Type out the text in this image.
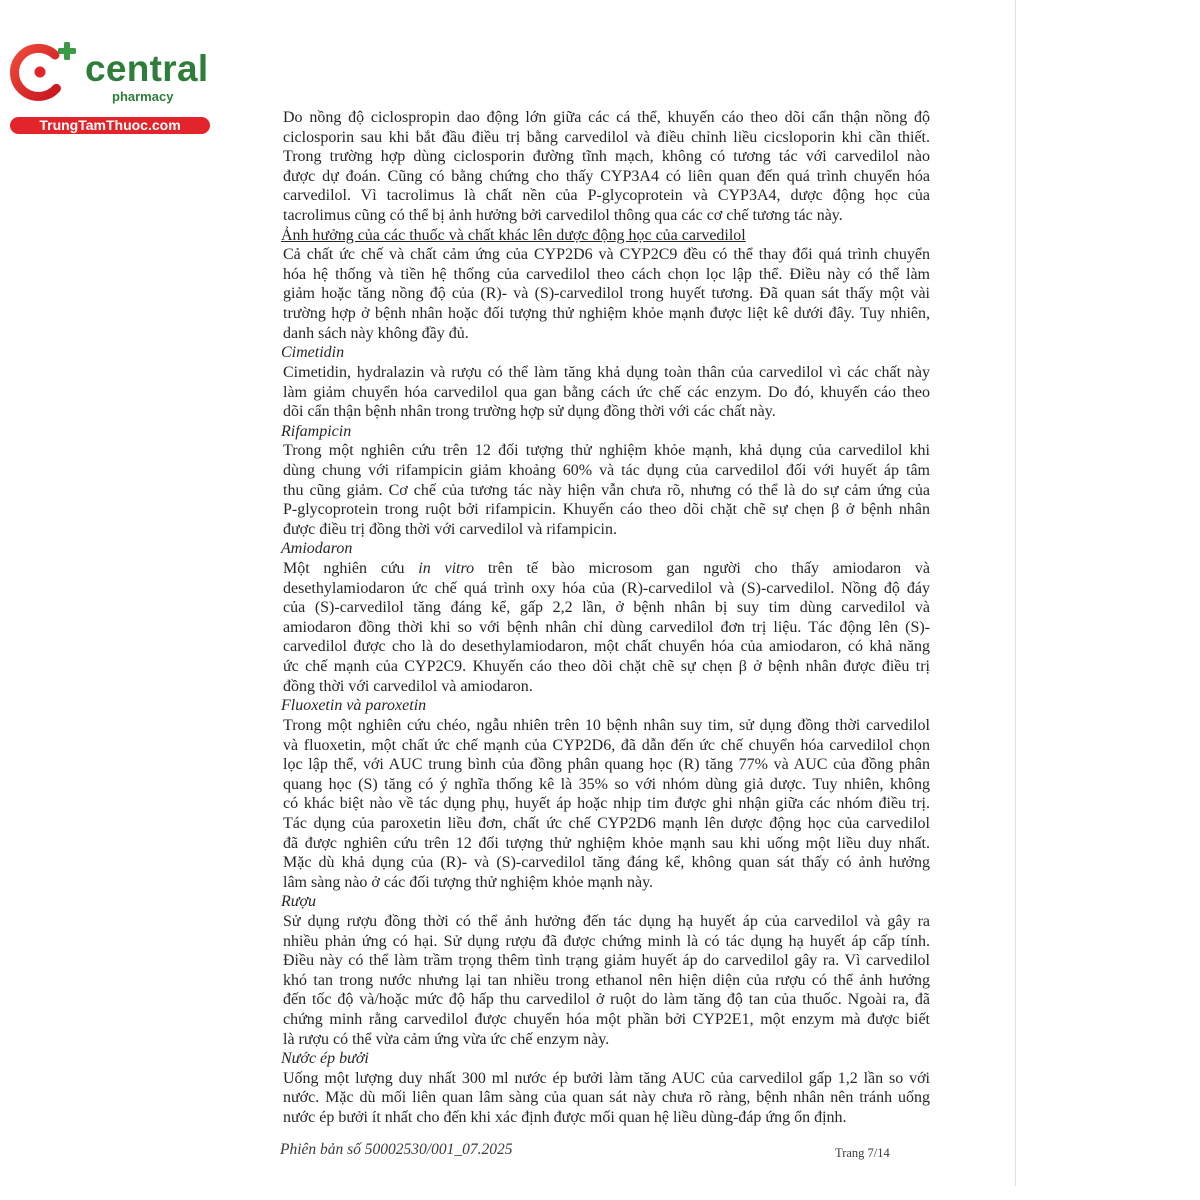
central
pharmacy
TrungTamThuoc.com	Do nồng độ ciclospropin dao động lớn giữa các cá thể, khuyến cáo theo dõi cẩn thận nồng độ
ciclosporin sau khi bắt đầu điều trị bằng carvedilol và điều chỉnh liều cicsloporin khi cần thiết.
Trong trường hợp dùng ciclosporin đường tĩnh mạch, không có tương tác với carvedilol nào
được dự đoán. Cũng có bằng chứng cho thấy CYP3A4 có liên quan đến quá trình chuyển hóa
carvedilol. Vì tacrolimus là chất nền của P-glycoprotein và CYP3A4, dược động học của
tacrolimus cũng có thể bị ảnh hưởng bởi carvedilol thông qua các cơ chế tương tác này.
Ảnh hưởng của các thuốc và chất khác lên dược động học của carvedilol
Cả chất ức chế và chất cảm ứng của CYP2D6 và CYP2C9 đều có thể thay đổi quá trình chuyển
hóa hệ thống và tiền hệ thống của carvedilol theo cách chọn lọc lập thể. Điều này có thể làm
giảm hoặc tăng nồng độ của (R)- và (S)-carvedilol trong huyết tương. Đã quan sát thấy một vài
trường hợp ở bệnh nhân hoặc đối tượng thử nghiệm khỏe mạnh được liệt kê dưới đây. Tuy nhiên,
danh sách này không đầy đủ.
Cimetidin
Cimetidin, hydralazin và rượu có thể làm tăng khả dụng toàn thân của carvedilol vì các chất này
làm giảm chuyển hóa carvedilol qua gan bằng cách ức chế các enzym. Do đó, khuyến cáo theo
dõi cẩn thận bệnh nhân trong trường hợp sử dụng đồng thời với các chất này.
Rifampicin
Trong một nghiên cứu trên 12 đối tượng thử nghiệm khỏe mạnh, khả dụng của carvedilol khi
dùng chung với rifampicin giảm khoảng 60% và tác dụng của carvedilol đối với huyết áp tâm
thu cũng giảm. Cơ chế của tương tác này hiện vẫn chưa rõ, nhưng có thể là do sự cảm ứng của
P-glycoprotein trong ruột bởi rifampicin. Khuyến cáo theo dõi chặt chẽ sự chẹn β ở bệnh nhân
được điều trị đồng thời với carvedilol và rifampicin.
Amiodaron
Một nghiên cứu in vitro trên tế bào microsom gan người cho thấy amiodaron và
desethylamiodaron ức chế quá trình oxy hóa của (R)-carvedilol và (S)-carvedilol. Nồng độ đáy
của (S)-carvedilol tăng đáng kể, gấp 2,2 lần, ở bệnh nhân bị suy tim dùng carvedilol và
amiodaron đồng thời khi so với bệnh nhân chỉ dùng carvedilol đơn trị liệu. Tác động lên (S)-
carvedilol được cho là do desethylamiodaron, một chất chuyển hóa của amiodaron, có khả năng
ức chế mạnh của CYP2C9. Khuyến cáo theo dõi chặt chẽ sự chẹn β ở bệnh nhân được điều trị
đồng thời với carvedilol và amiodaron.
Fluoxetin và paroxetin
Trong một nghiên cứu chéo, ngẫu nhiên trên 10 bệnh nhân suy tim, sử dụng đồng thời carvedilol
và fluoxetin, một chất ức chế mạnh của CYP2D6, đã dẫn đến ức chế chuyển hóa carvedilol chọn
lọc lập thể, với AUC trung bình của đồng phân quang học (R) tăng 77% và AUC của đồng phân
quang học (S) tăng có ý nghĩa thống kê là 35% so với nhóm dùng giả dược. Tuy nhiên, không
có khác biệt nào về tác dụng phụ, huyết áp hoặc nhịp tim được ghi nhận giữa các nhóm điều trị.
Tác dụng của paroxetin liều đơn, chất ức chế CYP2D6 mạnh lên dược động học của carvedilol
đã được nghiên cứu trên 12 đối tượng thử nghiệm khỏe mạnh sau khi uống một liều duy nhất.
Mặc dù khả dụng của (R)- và (S)-carvedilol tăng đáng kể, không quan sát thấy có ảnh hưởng
lâm sàng nào ở các đối tượng thử nghiệm khỏe mạnh này.
Rượu
Sử dụng rượu đồng thời có thể ảnh hưởng đến tác dụng hạ huyết áp của carvedilol và gây ra
nhiều phản ứng có hại. Sử dụng rượu đã được chứng minh là có tác dụng hạ huyết áp cấp tính.
Điều này có thể làm trầm trọng thêm tình trạng giảm huyết áp do carvedilol gây ra. Vì carvedilol
khó tan trong nước nhưng lại tan nhiều trong ethanol nên hiện diện của rượu có thể ảnh hưởng
đến tốc độ và/hoặc mức độ hấp thu carvedilol ở ruột do làm tăng độ tan của thuốc. Ngoài ra, đã
chứng minh rằng carvedilol được chuyển hóa một phần bởi CYP2E1, một enzym mà được biết
là rượu có thể vừa cảm ứng vừa ức chế enzym này.
Nước ép bưởi
Uống một lượng duy nhất 300 ml nước ép bưởi làm tăng AUC của carvedilol gấp 1,2 lần so với
nước. Mặc dù mối liên quan lâm sàng của quan sát này chưa rõ ràng, bệnh nhân nên tránh uống
nước ép bưởi ít nhất cho đến khi xác định được mối quan hệ liều dùng-đáp ứng ổn định.
Phiên bản số 50002530/001_07.2025	Trang 7/14
